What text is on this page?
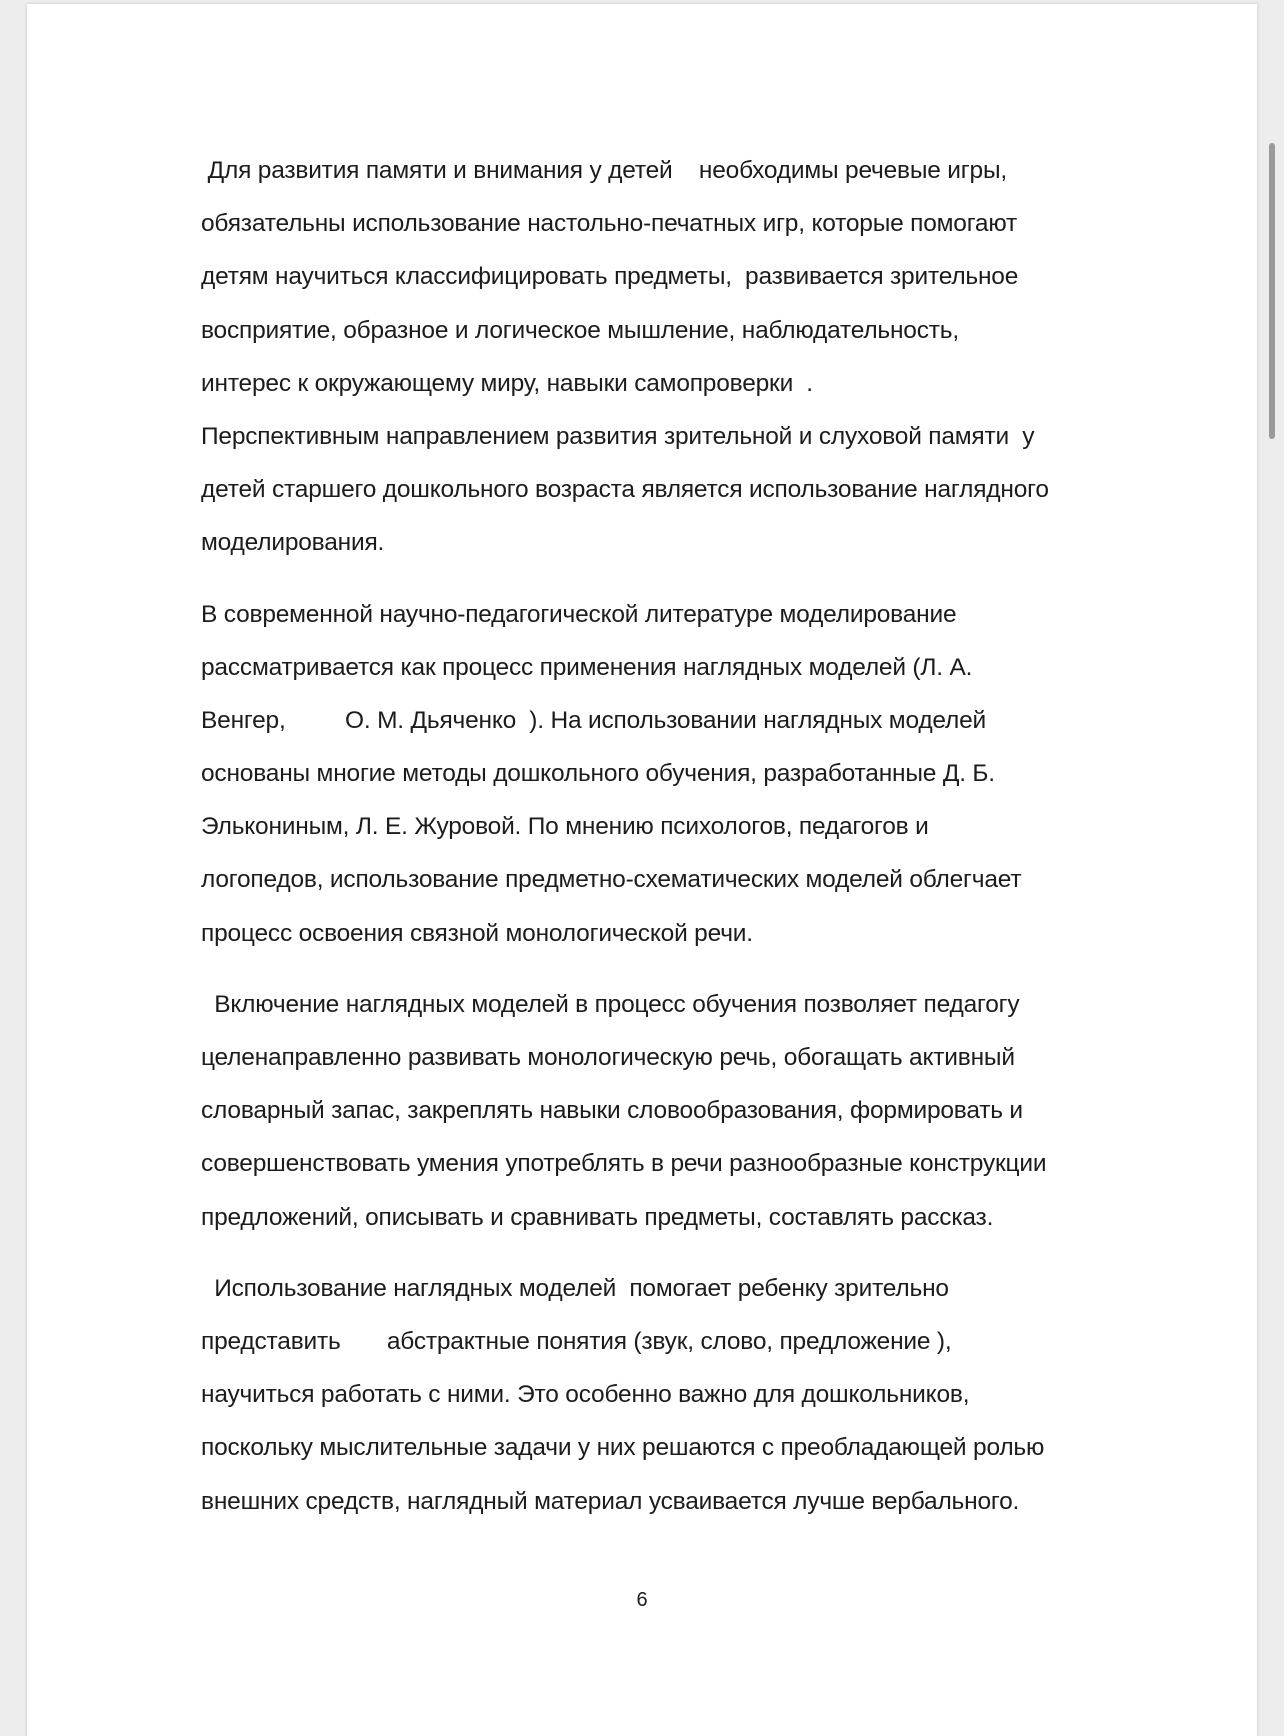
Для развития памяти и внимания у детей    необходимы речевые игры,
обязательны использование настольно-печатных игр, которые помогают
детям научиться классифицировать предметы,  развивается зрительное
восприятие, образное и логическое мышление, наблюдательность,
интерес к окружающему миру, навыки самопроверки  .
Перспективным направлением развития зрительной и слуховой памяти  у
детей старшего дошкольного возраста является использование наглядного
моделирования.
В современной научно-педагогической литературе моделирование
рассматривается как процесс применения наглядных моделей (Л. А.
Венгер,         О. М. Дьяченко  ). На использовании наглядных моделей
основаны многие методы дошкольного обучения, разработанные Д. Б.
Элькониным, Л. Е. Журовой. По мнению психологов, педагогов и
логопедов, использование предметно-схематических моделей облегчает
процесс освоения связной монологической речи.
Включение наглядных моделей в процесс обучения позволяет педагогу
целенаправленно развивать монологическую речь, обогащать активный
словарный запас, закреплять навыки словообразования, формировать и
совершенствовать умения употреблять в речи разнообразные конструкции
предложений, описывать и сравнивать предметы, составлять рассказ.
Использование наглядных моделей  помогает ребенку зрительно
представить       абстрактные понятия (звук, слово, предложение ),
научиться работать с ними. Это особенно важно для дошкольников,
поскольку мыслительные задачи у них решаются с преобладающей ролью
внешних средств, наглядный материал усваивается лучше вербального.
6
